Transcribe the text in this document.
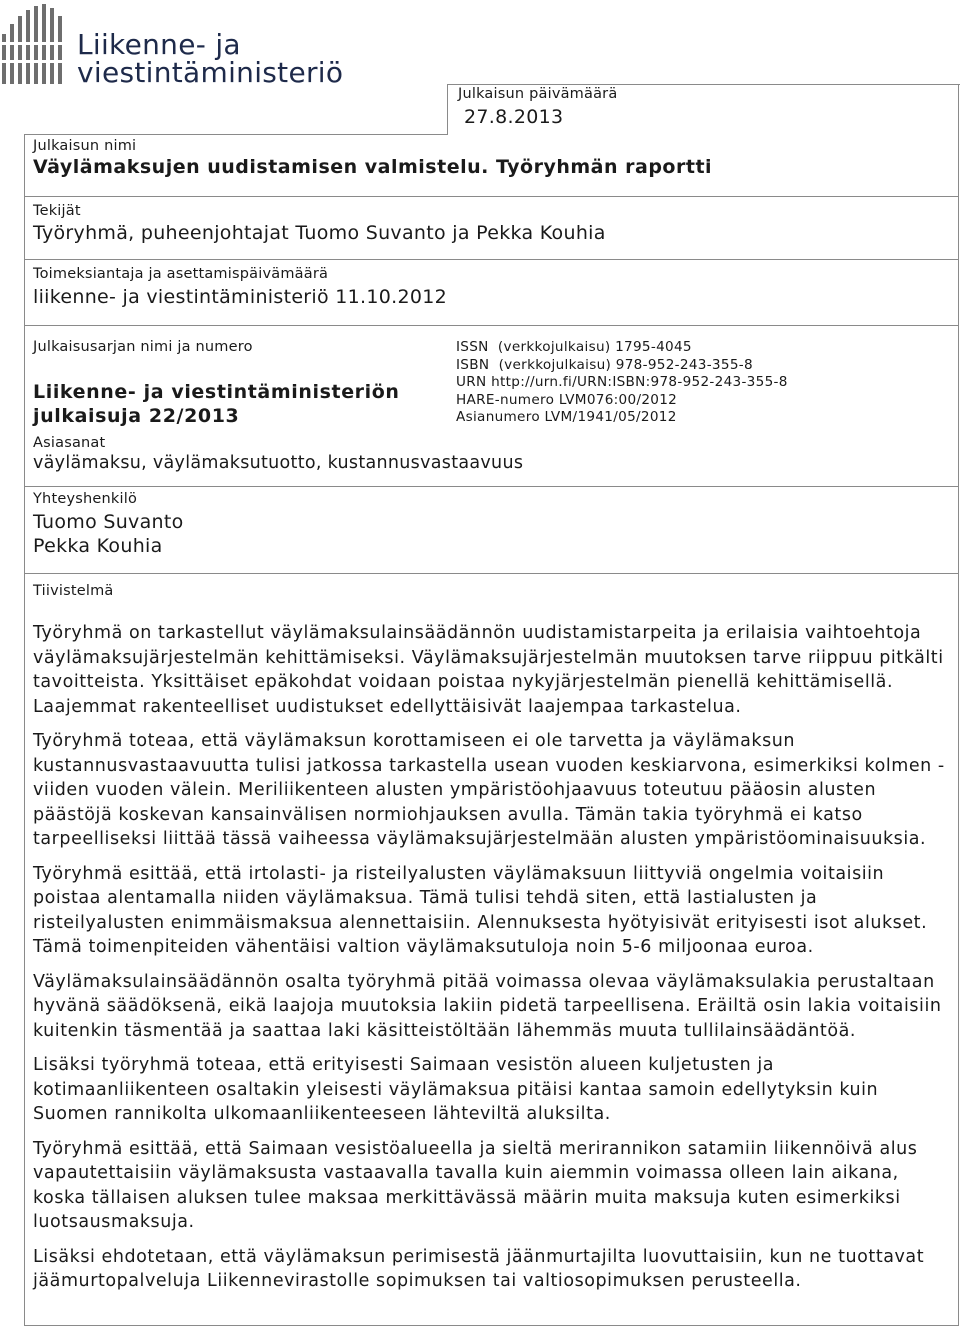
Liikenne- ja
viestintäministeriö
Julkaisun päivämäärä
27.8.2013
Julkaisun nimi
Väylämaksujen uudistamisen valmistelu. Työryhmän raportti
Tekijät
Työryhmä, puheenjohtajat Tuomo Suvanto ja Pekka Kouhia
Toimeksiantaja ja asettamispäivämäärä
liikenne- ja viestintäministeriö 11.10.2012
Julkaisusarjan nimi ja numero
Liikenne- ja viestintäministeriön
julkaisuja 22/2013
ISSN  (verkkojulkaisu) 1795-4045
ISBN  (verkkojulkaisu) 978-952-243-355-8
URN http://urn.fi/URN:ISBN:978-952-243-355-8
HARE-numero LVM076:00/2012
Asianumero LVM/1941/05/2012
Asiasanat
väylämaksu, väylämaksutuotto, kustannusvastaavuus
Yhteyshenkilö
Tuomo Suvanto
Pekka Kouhia
Tiivistelmä

Työryhmä on tarkastellut väylämaksulainsäädännön uudistamistarpeita ja erilaisia vaihtoehtoja väylämaksujärjestelmän kehittämiseksi. Väylämaksujärjestelmän muutoksen tarve riippuu pitkälti tavoitteista. Yksittäiset epäkohdat voidaan poistaa nykyjärjestelmän pienellä kehittämisellä. Laajemmat rakenteelliset uudistukset edellyttäisivät laajempaa tarkastelua.

Työryhmä toteaa, että väylämaksun korottamiseen ei ole tarvetta ja väylämaksun kustannusvastaavuutta tulisi jatkossa tarkastella usean vuoden keskiarvona, esimerkiksi kolmen - viiden vuoden välein. Meriliikenteen alusten ympäristöohjaavuus toteutuu pääosin alusten päästöjä koskevan kansainvälisen normiohjauksen avulla. Tämän takia työryhmä ei katso tarpeelliseksi liittää tässä vaiheessa väylämaksujärjestelmään alusten ympäristöominaisuuksia.

Työryhmä esittää, että irtolasti- ja risteilyalusten väylämaksuun liittyviä ongelmia voitaisiin poistaa alentamalla niiden väylämaksua. Tämä tulisi tehdä siten, että lastialusten ja risteilyalusten enimmäismaksua alennettaisiin. Alennuksesta hyötyisivät erityisesti isot alukset. Tämä toimenpiteiden vähentäisi valtion väylämaksutuloja noin 5-6 miljoonaa euroa.

Väylämaksulainsäädännön osalta työryhmä pitää voimassa olevaa väylämaksulakia perustaltaan hyvänä säädöksenä, eikä laajoja muutoksia lakiin pidetä tarpeellisena. Eräiltä osin lakia voitaisiin kuitenkin täsmentää ja saattaa laki käsitteistöltään lähemmäs muuta tullilainsäädäntöä.

Lisäksi työryhmä toteaa, että erityisesti Saimaan vesistön alueen kuljetusten ja kotimaanliikenteen osaltakin yleisesti väylämaksua pitäisi kantaa samoin edellytyksin kuin Suomen rannikolta ulkomaanliikenteeseen lähteviltä aluksilta.

Työryhmä esittää, että Saimaan vesistöalueella ja sieltä merirannikon satamiin liikennöivä alus vapautettaisiin väylämaksusta vastaavalla tavalla kuin aiemmin voimassa olleen lain aikana, koska tällaisen aluksen tulee maksaa merkittävässä määrin muita maksuja kuten esimerkiksi luotsausmaksuja.

Lisäksi ehdotetaan, että väylämaksun perimisestä jäänmurtajilta luovuttaisiin, kun ne tuottavat jäämurtopalveluja Liikennevirastolle sopimuksen tai valtiosopimuksen perusteella.
